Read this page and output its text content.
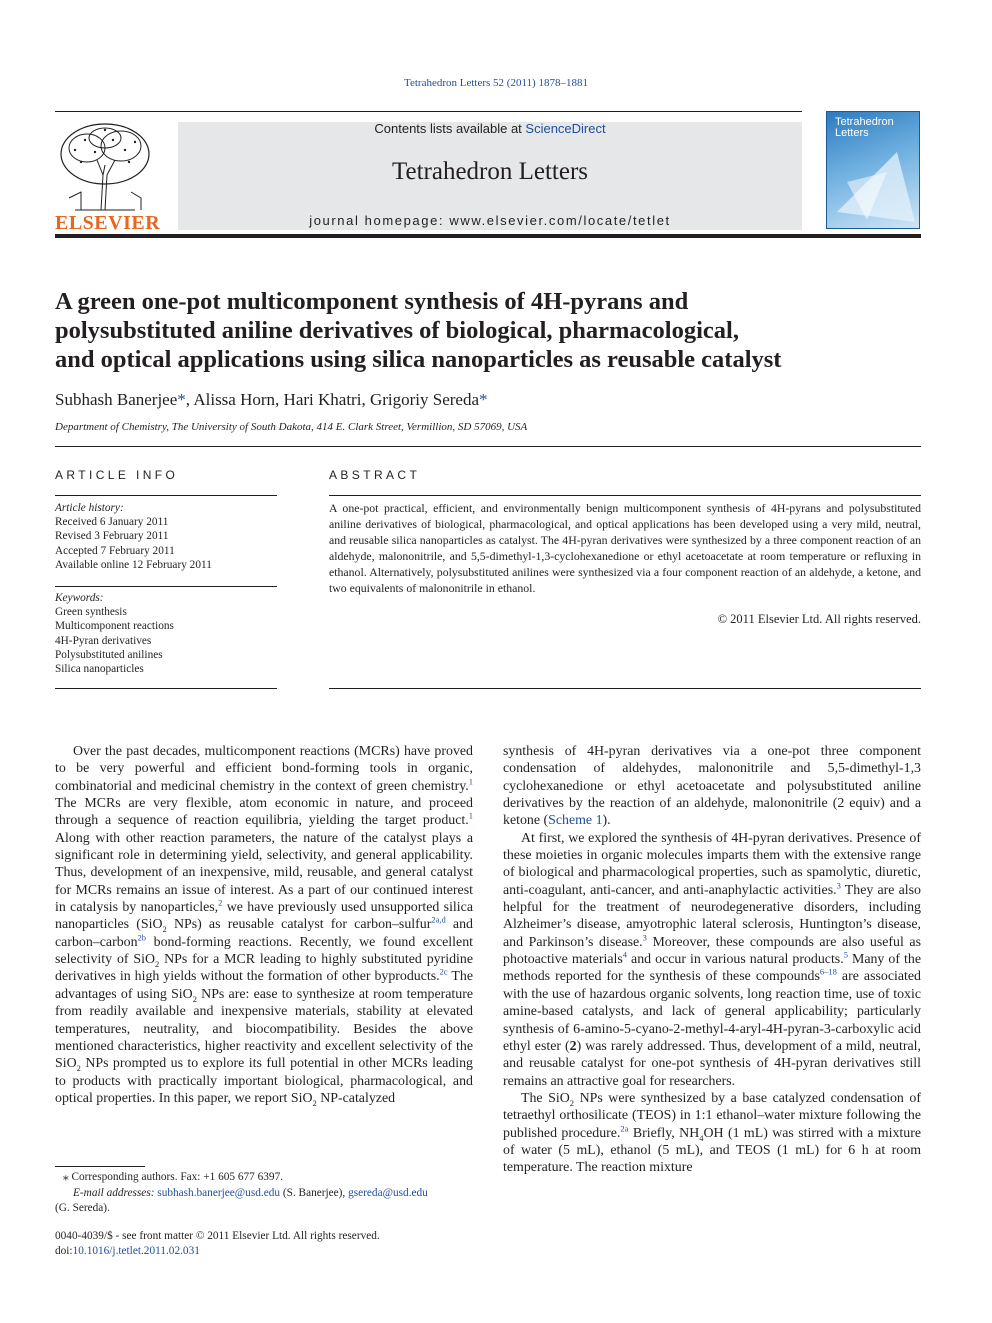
Tetrahedron Letters 52 (2011) 1878–1881
ELSEVIER
Contents lists available at ScienceDirect
Tetrahedron Letters
journal homepage: www.elsevier.com/locate/tetlet
Tetrahedron
Letters
A green one-pot multicomponent synthesis of 4H-pyrans and
polysubstituted aniline derivatives of biological, pharmacological,
and optical applications using silica nanoparticles as reusable catalyst
Subhash Banerjee*, Alissa Horn, Hari Khatri, Grigoriy Sereda*
Department of Chemistry, The University of South Dakota, 414 E. Clark Street, Vermillion, SD 57069, USA
ARTICLE INFO	ABSTRACT
Article history:
Received 6 January 2011
Revised 3 February 2011
Accepted 7 February 2011
Available online 12 February 2011
Keywords:
Green synthesis
Multicomponent reactions
4H-Pyran derivatives
Polysubstituted anilines
Silica nanoparticles
A one-pot practical, efficient, and environmentally benign multicomponent synthesis of 4H-pyrans and polysubstituted aniline derivatives of biological, pharmacological, and optical applications has been developed using a very mild, neutral, and reusable silica nanoparticles as catalyst. The 4H-pyran derivatives were synthesized by a three component reaction of an aldehyde, malononitrile, and 5,5-dimethyl-1,3-cyclohexanedione or ethyl acetoacetate at room temperature or refluxing in ethanol. Alternatively, polysubstituted anilines were synthesized via a four component reaction of an aldehyde, a ketone, and two equivalents of malononitrile in ethanol.
© 2011 Elsevier Ltd. All rights reserved.

Over the past decades, multicomponent reactions (MCRs) have proved to be very powerful and efficient bond-forming tools in organic, combinatorial and medicinal chemistry in the context of green chemistry.$^1$ The MCRs are very flexible, atom economic in nature, and proceed through a sequence of reaction equilibria, yielding the target product.$^1$ Along with other reaction parameters, the nature of the catalyst plays a significant role in determining yield, selectivity, and general applicability. Thus, development of an inexpensive, mild, reusable, and general catalyst for MCRs remains an issue of interest. As a part of our continued interest in catalysis by nanoparticles,$^2$ we have previously used unsupported silica nanoparticles (SiO$_2$ NPs) as reusable catalyst for carbon–sulfur$^{2a,d}$ and carbon–carbon$^{2b}$ bond-forming reactions. Recently, we found excellent selectivity of SiO$_2$ NPs for a MCR leading to highly substituted pyridine derivatives in high yields without the formation of other byproducts.$^{2c}$ The advantages of using SiO$_2$ NPs are: ease to synthesize at room temperature from readily available and inexpensive materials, stability at elevated temperatures, neutrality, and biocompatibility. Besides the above mentioned characteristics, higher reactivity and excellent selectivity of the SiO$_2$ NPs prompted us to explore its full potential in other MCRs leading to products with practically important biological, pharmacological, and optical properties. In this paper, we report SiO$_2$ NP-catalyzed

synthesis of 4H-pyran derivatives via a one-pot three component condensation of aldehydes, malononitrile and 5,5-dimethyl-1,3 cyclohexanedione or ethyl acetoacetate and polysubstituted aniline derivatives by the reaction of an aldehyde, malononitrile (2 equiv) and a ketone (Scheme 1).

At first, we explored the synthesis of 4H-pyran derivatives. Presence of these moieties in organic molecules imparts them with the extensive range of biological and pharmacological properties, such as spamolytic, diuretic, anti-coagulant, anti-cancer, and anti-anaphylactic activities.$^3$ They are also helpful for the treatment of neurodegenerative disorders, including Alzheimer’s disease, amyotrophic lateral sclerosis, Huntington’s disease, and Parkinson’s disease.$^3$ Moreover, these compounds are also useful as photoactive materials$^4$ and occur in various natural products.$^5$ Many of the methods reported for the synthesis of these compounds$^{6-18}$ are associated with the use of hazardous organic solvents, long reaction time, use of toxic amine-based catalysts, and lack of general applicability; particularly synthesis of 6-amino-5-cyano-2-methyl-4-aryl-4H-pyran-3-carboxylic acid ethyl ester (2) was rarely addressed. Thus, development of a mild, neutral, and reusable catalyst for one-pot synthesis of 4H-pyran derivatives still remains an attractive goal for researchers.

The SiO$_2$ NPs were synthesized by a base catalyzed condensation of tetraethyl orthosilicate (TEOS) in 1:1 ethanol–water mixture following the published procedure.$^{2a}$ Briefly, $NH_4OH$ (1 mL) was stirred with a mixture of water (5 mL), ethanol (5 mL), and TEOS (1 mL) for 6 h at room temperature. The reaction mixture

⁎ Corresponding authors. Fax: +1 605 677 6397.
E-mail addresses: subhash.banerjee@usd.edu (S. Banerjee), gsereda@usd.edu
(G. Sereda).
0040-4039/$ - see front matter © 2011 Elsevier Ltd. All rights reserved.
doi:10.1016/j.tetlet.2011.02.031
